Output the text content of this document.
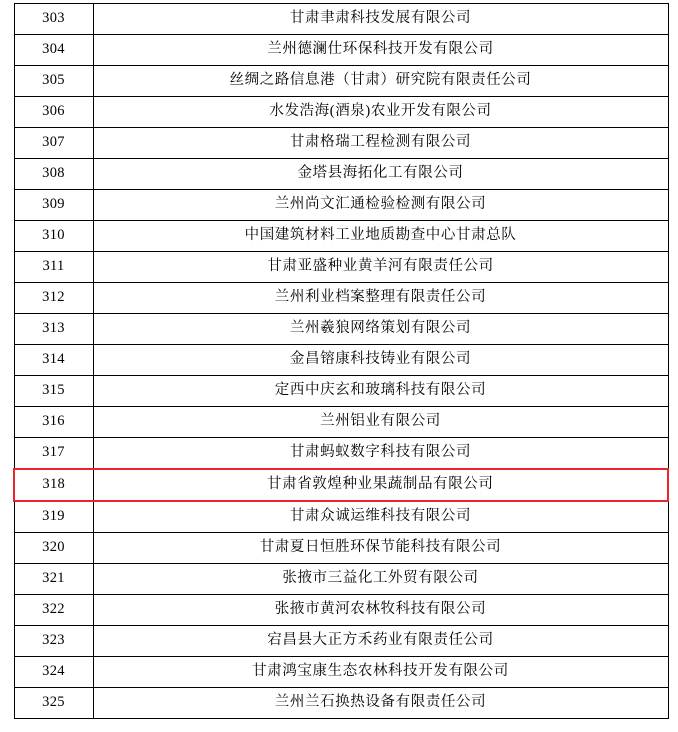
303	甘肃聿肃科技发展有限公司
304	兰州德澜仕环保科技开发有限公司
305	丝绸之路信息港（甘肃）研究院有限责任公司
306	水发浩海(酒泉)农业开发有限公司
307	甘肃格瑞工程检测有限公司
308	金塔县海拓化工有限公司
309	兰州尚文汇通检验检测有限公司
310	中国建筑材料工业地质勘查中心甘肃总队
311	甘肃亚盛种业黄羊河有限责任公司
312	兰州利业档案整理有限责任公司
313	兰州羲狼网络策划有限公司
314	金昌镕康科技铸业有限公司
315	定西中庆玄和玻璃科技有限公司
316	兰州铝业有限公司
317	甘肃蚂蚁数字科技有限公司
318	甘肃省敦煌种业果蔬制品有限公司
319	甘肃众诚运维科技有限公司
320	甘肃夏日恒胜环保节能科技有限公司
321	张掖市三益化工外贸有限公司
322	张掖市黄河农林牧科技有限公司
323	宕昌县大正方禾药业有限责任公司
324	甘肃鸿宝康生态农林科技开发有限公司
325	兰州兰石换热设备有限责任公司
